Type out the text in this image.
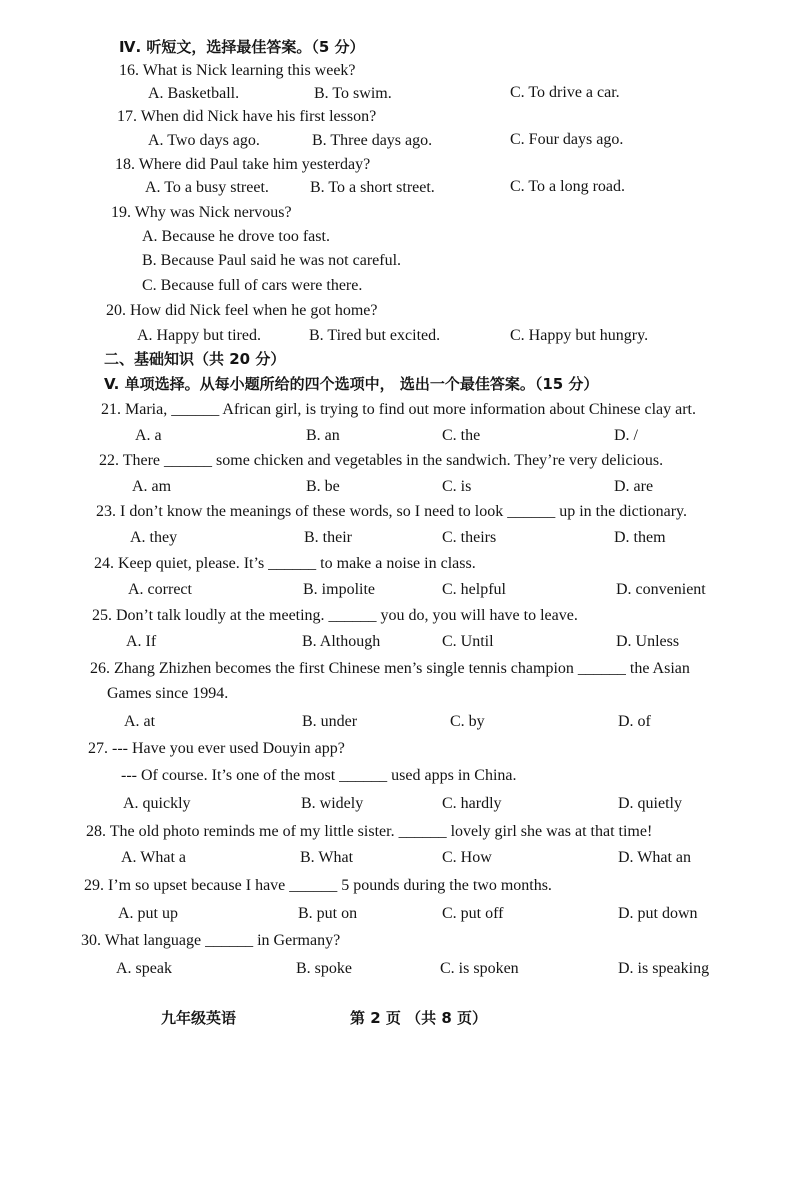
Ⅳ. 听短文，选择最佳答案。（5 分）
16. What is Nick learning this week?
A. Basketball.	B. To swim.	C. To drive a car.
17. When did Nick have his first lesson?
A. Two days ago.	B. Three days ago.	C. Four days ago.
18. Where did Paul take him yesterday?
A. To a busy street.	B. To a short street.	C. To a long road.
19. Why was Nick nervous?
A. Because he drove too fast.
B. Because Paul said he was not careful.
C. Because full of cars were there.
20. How did Nick feel when he got home?
A. Happy but tired.	B. Tired but excited.	C. Happy but hungry.
二、基础知识（共 20 分）
V. 单项选择。从每小题所给的四个选项中， 选出一个最佳答案。（15 分）
21. Maria, ______ African girl, is trying to find out more information about Chinese clay art.
A. a	B. an	C. the	D. /
22. There ______ some chicken and vegetables in the sandwich. They’re very delicious.
A. am	B. be	C. is	D. are
23. I don’t know the meanings of these words, so I need to look ______ up in the dictionary.
A. they	B. their	C. theirs	D. them
24. Keep quiet, please. It’s ______ to make a noise in class.
A. correct	B. impolite	C. helpful	D. convenient
25. Don’t talk loudly at the meeting. ______ you do, you will have to leave.
A. If	B. Although	C. Until	D. Unless
26. Zhang Zhizhen becomes the first Chinese men’s single tennis champion ______ the Asian
Games since 1994.
A. at	B. under	C. by	D. of
27. --- Have you ever used Douyin app?
--- Of course. It’s one of the most ______ used apps in China.
A. quickly	B. widely	C. hardly	D. quietly
28. The old photo reminds me of my little sister. ______ lovely girl she was at that time!
A. What a	B. What	C. How	D. What an
29. I’m so upset because I have ______ 5 pounds during the two months.
A. put up	B. put on	C. put off	D. put down
30. What language ______ in Germany?
A. speak	B. spoke	C. is spoken	D. is speaking
九年级英语	第 2 页 （共 8 页）
